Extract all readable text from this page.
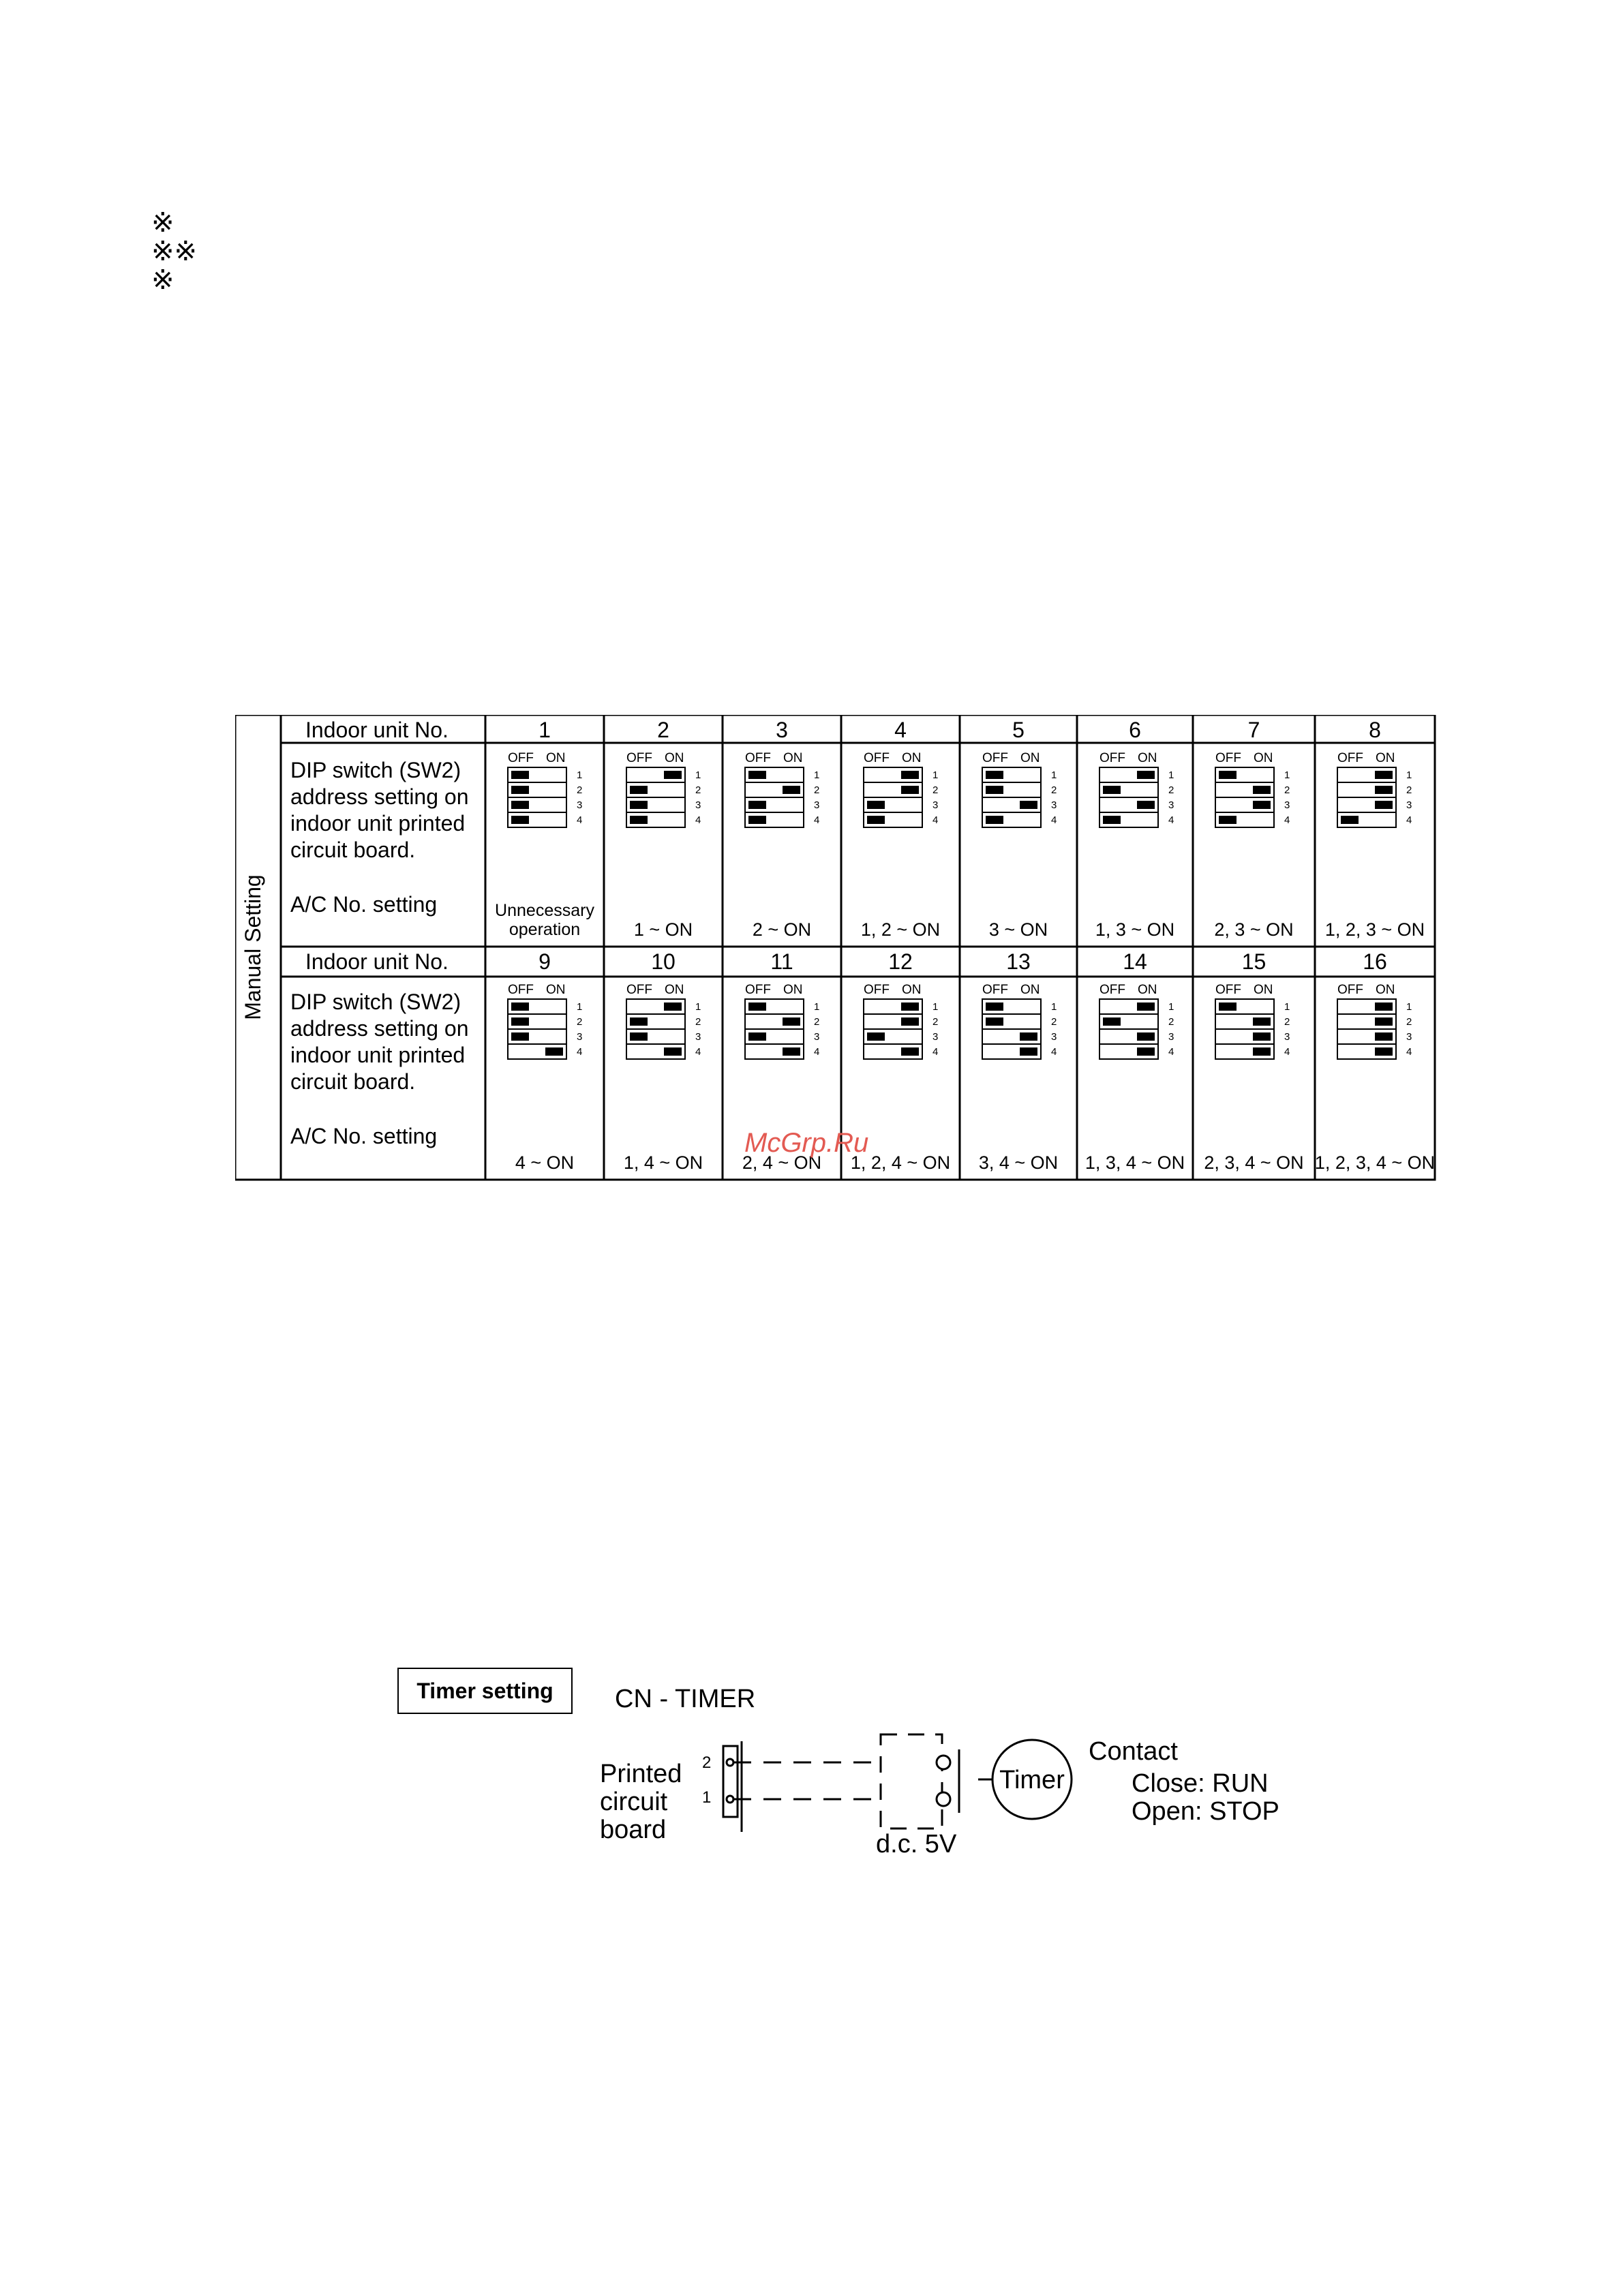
※
※※
※
Manual Setting
Indoor unit No.
DIP switch (SW2)
address setting on
indoor unit printed
circuit board.
A/C No. setting
Indoor unit No.
DIP switch (SW2)
address setting on
indoor unit printed
circuit board.
A/C No. setting
1
OFF ON
1
2
3
4
Unnecessary
operation
2
OFF ON
1
2
3
4
1 ~ ON
3
OFF ON
1
2
3
4
2 ~ ON
4
OFF ON
1
2
3
4
1, 2 ~ ON
5
OFF ON
1
2
3
4
3 ~ ON
6
OFF ON
1
2
3
4
1, 3 ~ ON
7
OFF ON
1
2
3
4
2, 3 ~ ON
8
OFF ON
1
2
3
4
1, 2, 3 ~ ON
9
OFF ON
1
2
3
4
4 ~ ON
10
OFF ON
1
2
3
4
1, 4 ~ ON
11
OFF ON
1
2
3
4
2, 4 ~ ON
12
OFF ON
1
2
3
4
1, 2, 4 ~ ON
13
OFF ON
1
2
3
4
3, 4 ~ ON
14
OFF ON
1
2
3
4
1, 3, 4 ~ ON
15
OFF ON
1
2
3
4
2, 3, 4 ~ ON
16
OFF ON
1
2
3
4
1, 2, 3, 4 ~ ON
McGrp.Ru
Timer setting	CN - TIMER
Printed
circuit
board
2
1
d.c. 5V
Timer
Contact
Close: RUN
Open: STOP
